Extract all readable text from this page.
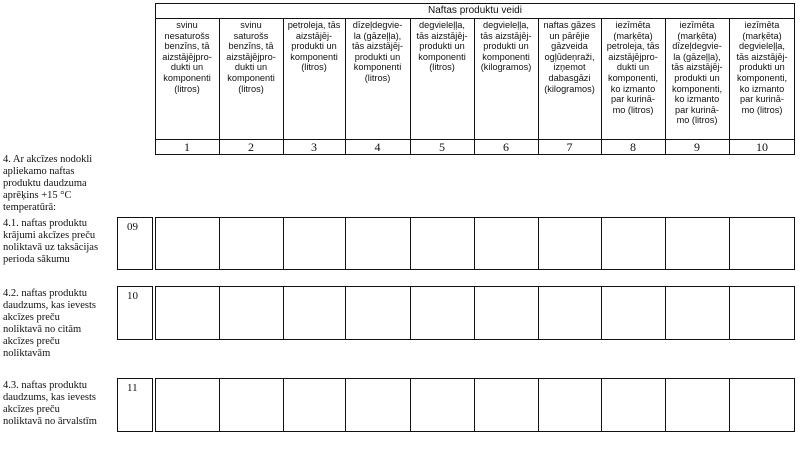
Naftas produktu veidi
svinu
nesaturošs
benzīns, tā
aizstājējpro-
dukti un
komponenti
(litros)
1
svinu
saturošs
benzīns, tā
aizstājējpro-
dukti un
komponenti
(litros)
2
petroleja, tās
aizstājēj-
produkti un
komponenti
(litros)
3
dīzeļdegvie-
la (gāzeļļa),
tās aizstājēj-
produkti un
komponenti
(litros)
4
degvieleļļa,
tās aizstājēj-
produkti un
komponenti
(litros)
5
degvieleļļa,
tās aizstājēj-
produkti un
komponenti
(kilogramos)
6
naftas gāzes
un pārējie
gāzveida
ogļūdeņraži,
izņemot
dabasgāzi
(kilogramos)
7
iezīmēta
(marķēta)
petroleja, tās
aizstājējpro-
dukti un
komponenti,
ko izmanto
par kurinā-
mo (litros)
8
iezīmēta
(marķēta)
dīzeļdegvie-
la (gāzeļļa),
tās aizstājēj-
produkti un
komponenti,
ko izmanto
par kurinā-
mo (litros)
9
iezīmēta
(marķēta)
degvieleļļa,
tās aizstājēj-
produkti un
komponenti,
ko izmanto
par kurinā-
mo (litros)
10
4. Ar akcīzes nodokli
apliekamo naftas
produktu daudzuma
aprēķins +15 °C
temperatūrā:
4.1. naftas produktu
krājumi akcīzes preču
noliktavā uz taksācijas
perioda sākumu
09
4.2. naftas produktu
daudzums, kas ievests
akcīzes preču
noliktavā no citām
akcīzes preču
noliktavām
10
4.3. naftas produktu
daudzums, kas ievests
akcīzes preču
noliktavā no ārvalstīm
11
